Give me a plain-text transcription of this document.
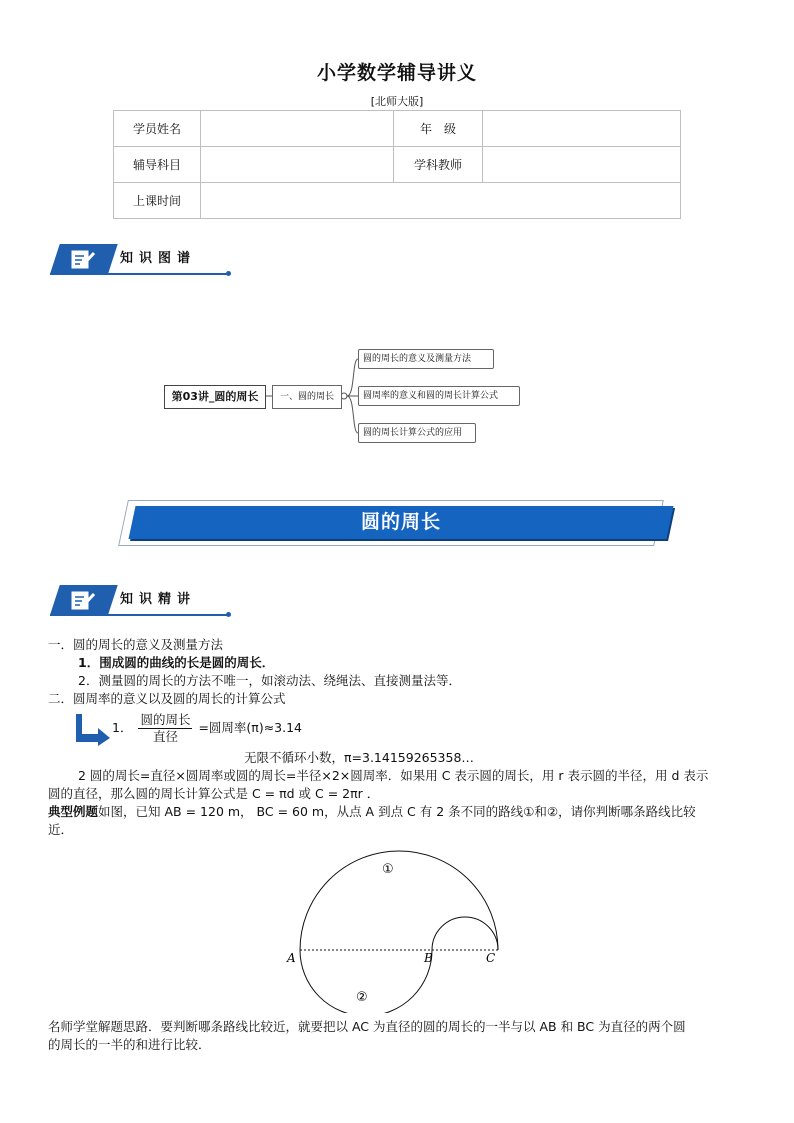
小学数学辅导讲义
[北师大版]
学员姓名		年　级	
辅导科目		学科教师	
上课时间			
知识图谱
第03讲_圆的周长	一、圆的周长
圆的周长的意义及测量方法
圆周率的意义和圆的周长计算公式
圆的周长计算公式的应用
圆的周长
知识精讲
一．圆的周长的意义及测量方法
1．围成圆的曲线的长是圆的周长．
2．测量圆的周长的方法不唯一，如滚动法、绕绳法、直接测量法等．
二．圆周率的意义以及圆的周长的计算公式
1． $\frac{\text{圆的周长}}{\text{直径}}$ =圆周率(π)≈3.14
无限不循环小数，π=3.14159265358…
2 圆的周长=直径×圆周率或圆的周长=半径×2×圆周率．如果用 C 表示圆的周长，用 r 表示圆的半径，用 d 表示
圆的直径，那么圆的周长计算公式是 C = πd 或 C = 2πr ．
典型例题如图，已知 AB = 120 m， BC = 60 m，从点 A 到点 C 有 2 条不同的路线①和②，请你判断哪条路线比较
近．
①
②
A	B	C
名师学堂解题思路．要判断哪条路线比较近，就要把以 AC 为直径的圆的周长的一半与以 AB 和 BC 为直径的两个圆
的周长的一半的和进行比较．
